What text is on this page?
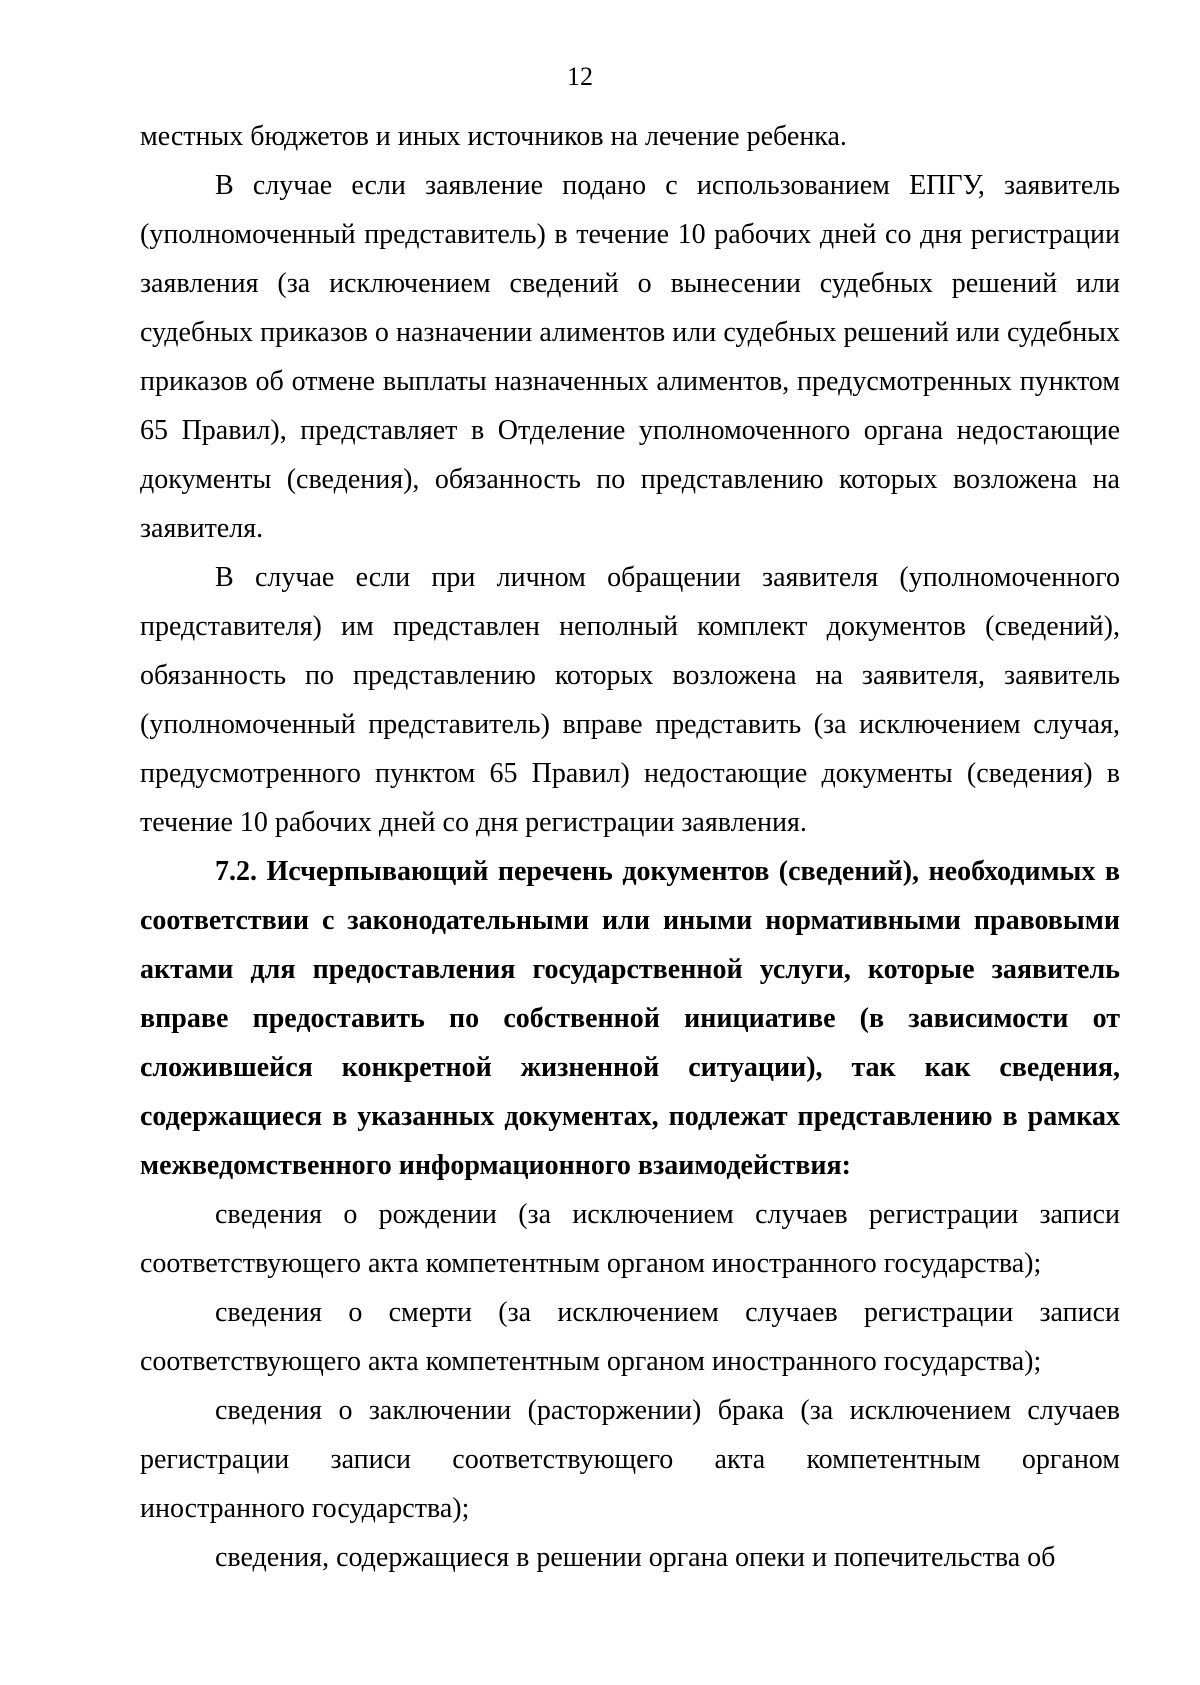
12

местных бюджетов и иных источников на лечение ребенка.

В случае если заявление подано с использованием ЕПГУ, заявитель (уполномоченный представитель) в течение 10 рабочих дней со дня регистрации заявления (за исключением сведений о вынесении судебных решений или судебных приказов о назначении алиментов или судебных решений или судебных приказов об отмене выплаты назначенных алиментов, предусмотренных пунктом 65 Правил), представляет в Отделение уполномоченного органа недостающие документы (сведения), обязанность по представлению которых возложена на заявителя.

В случае если при личном обращении заявителя (уполномоченного представителя) им представлен неполный комплект документов (сведений), обязанность по представлению которых возложена на заявителя, заявитель (уполномоченный представитель) вправе представить (за исключением случая, предусмотренного пунктом 65 Правил) недостающие документы (сведения) в течение 10 рабочих дней со дня регистрации заявления.

7.2. Исчерпывающий перечень документов (сведений), необходимых в соответствии с законодательными или иными нормативными правовыми актами для предоставления государственной услуги, которые заявитель вправе предоставить по собственной инициативе (в зависимости от сложившейся конкретной жизненной ситуации), так как сведения, содержащиеся в указанных документах, подлежат представлению в рамках межведомственного информационного взаимодействия:

сведения о рождении (за исключением случаев регистрации записи соответствующего акта компетентным органом иностранного государства);

сведения о смерти (за исключением случаев регистрации записи соответствующего акта компетентным органом иностранного государства);

сведения о заключении (расторжении) брака (за исключением случаев регистрации записи соответствующего акта компетентным органом иностранного государства);

сведения, содержащиеся в решении органа опеки и попечительства об
